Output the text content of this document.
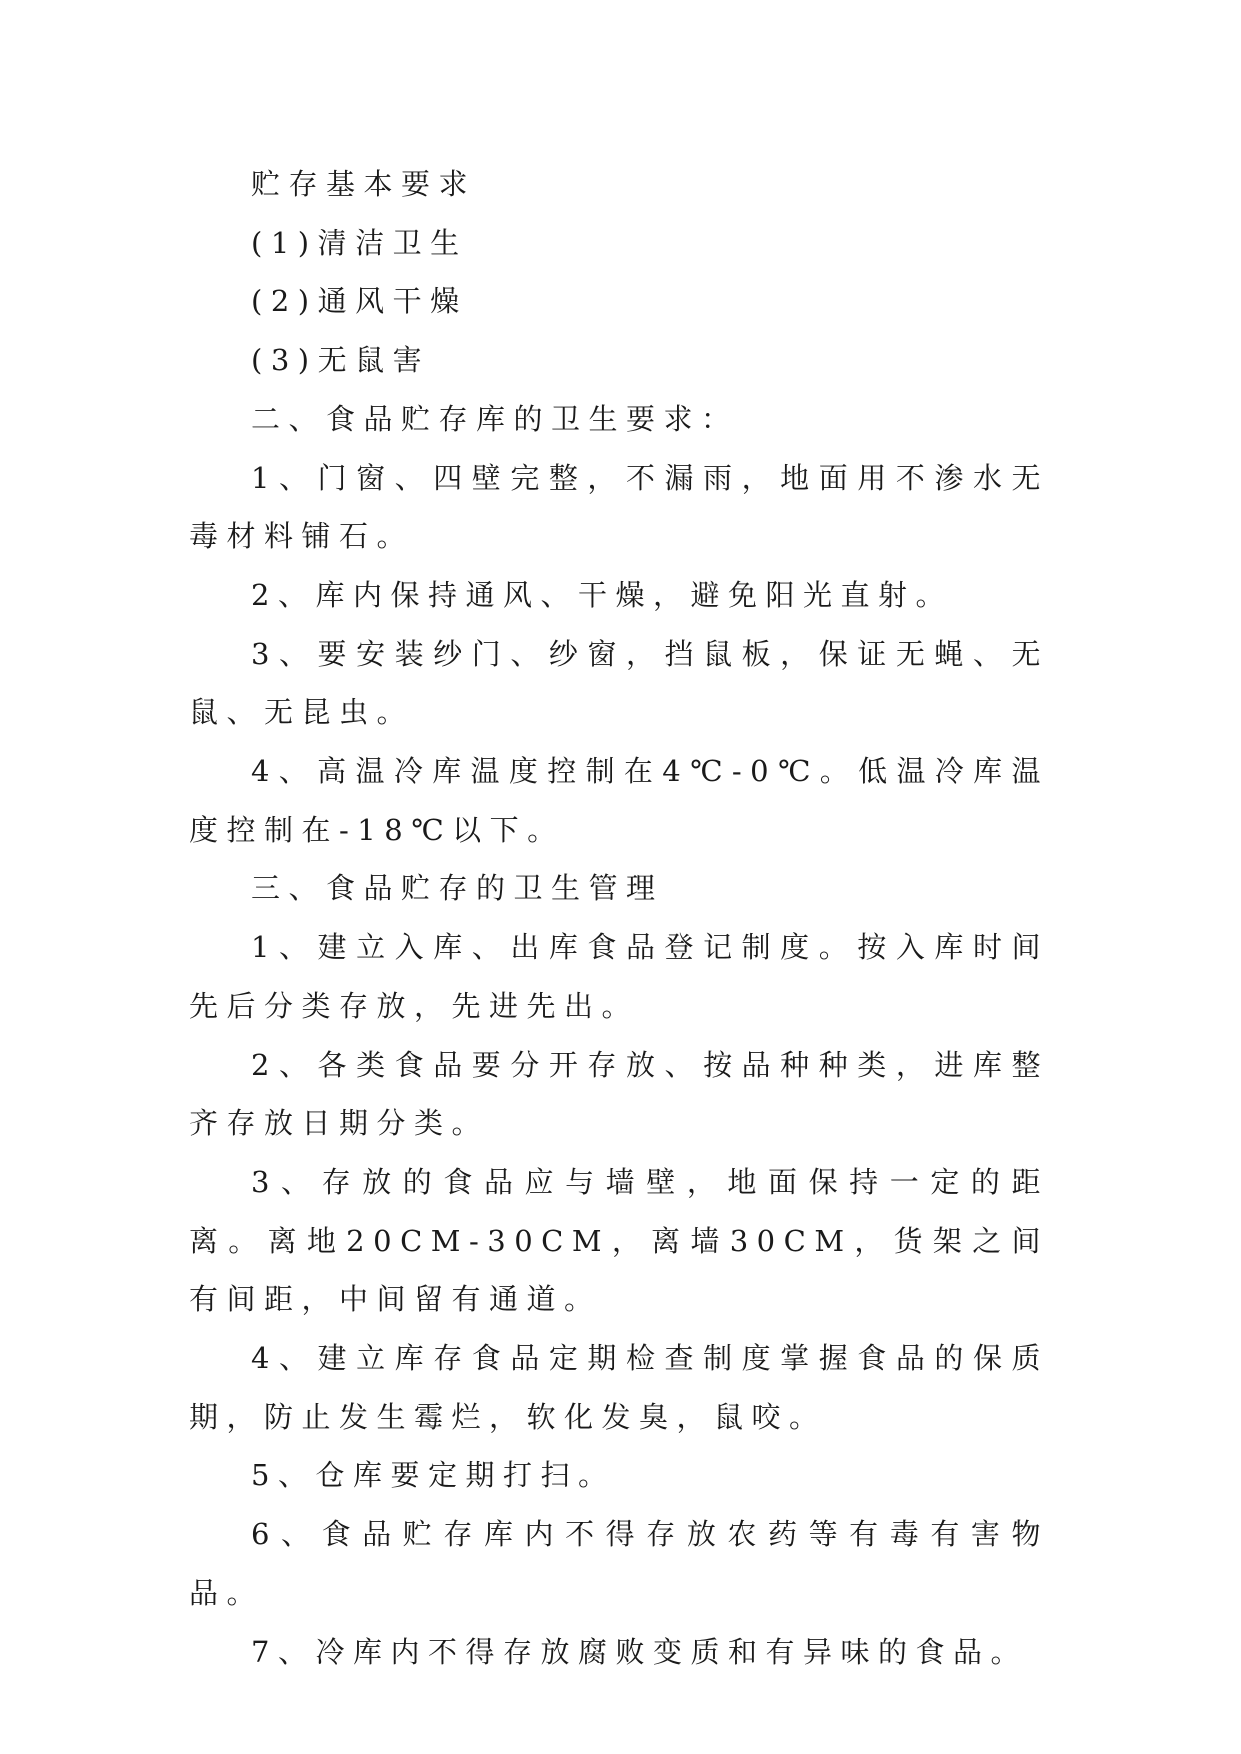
贮存基本要求

(1)清洁卫生

(2)通风干燥

(3)无鼠害

二、食品贮存库的卫生要求：

1、门窗、四壁完整，不漏雨，地面用不渗水无毒材料铺石。

2、库内保持通风、干燥，避免阳光直射。

3、要安装纱门、纱窗，挡鼠板，保证无蝇、无鼠、无昆虫。

4、高温冷库温度控制在4℃-0℃。低温冷库温度控制在-18℃以下。

三、食品贮存的卫生管理

1、建立入库、出库食品登记制度。按入库时间先后分类存放，先进先出。

2、各类食品要分开存放、按品种种类，进库整齐存放日期分类。

3、存放的食品应与墙壁，地面保持一定的距离。离地20CM-30CM，离墙30CM，货架之间有间距，中间留有通道。

4、建立库存食品定期检查制度掌握食品的保质期，防止发生霉烂，软化发臭，鼠咬。

5、仓库要定期打扫。

6、食品贮存库内不得存放农药等有毒有害物品。

7、冷库内不得存放腐败变质和有异味的食品。
